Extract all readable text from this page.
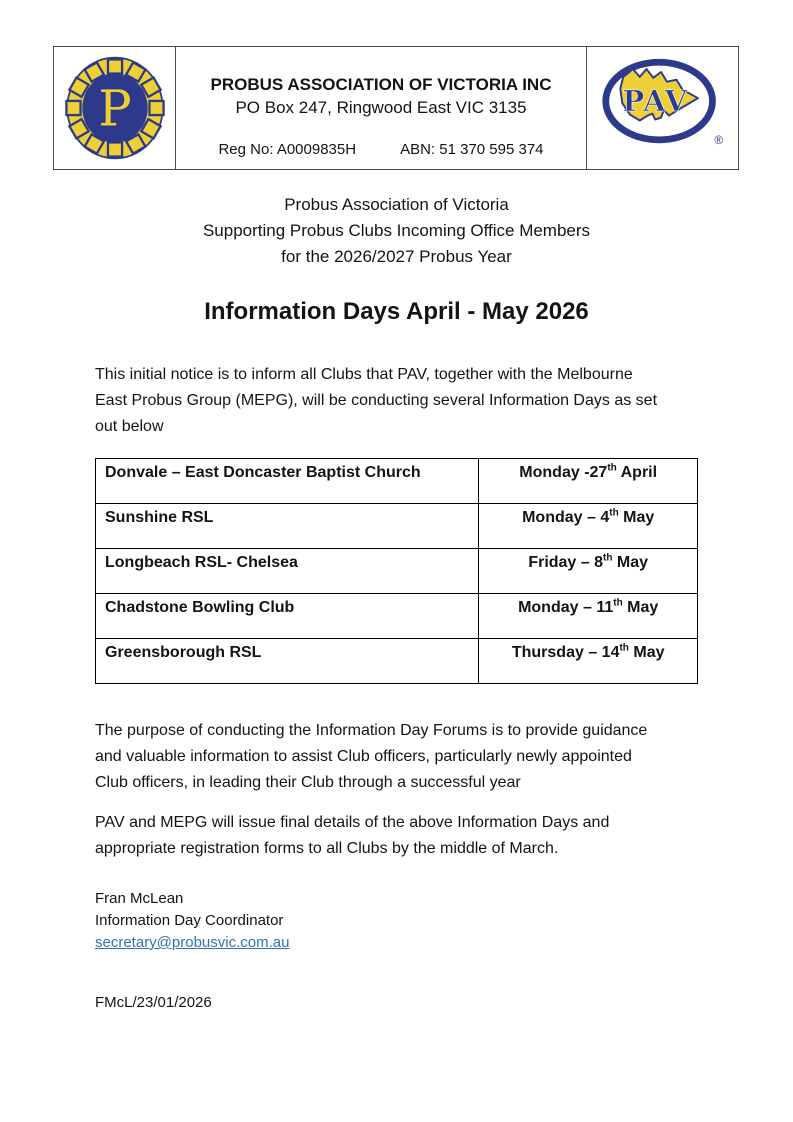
P	PROBUS ASSOCIATION OF VICTORIA INC
PO Box 247, Ringwood East VIC 3135
Reg No: A0009835H	ABN: 51 370 595 374
PAV
®
Probus Association of Victoria
Supporting Probus Clubs Incoming Office Members
for the 2026/2027 Probus Year
Information Days April - May 2026
This initial notice is to inform all Clubs that PAV, together with the Melbourne
East Probus Group (MEPG), will be conducting several Information Days as set
out below
Donvale – East Doncaster Baptist Church	Monday -27th April
Sunshine RSL	Monday – 4th May
Longbeach RSL- Chelsea	Friday – 8th May
Chadstone Bowling Club	Monday – 11th May
Greensborough RSL	Thursday – 14th May
The purpose of conducting the Information Day Forums is to provide guidance
and valuable information to assist Club officers, particularly newly appointed
Club officers, in leading their Club through a successful year
PAV and MEPG will issue final details of the above Information Days and
appropriate registration forms to all Clubs by the middle of March.
Fran McLean
Information Day Coordinator
secretary@probusvic.com.au
FMcL/23/01/2026
